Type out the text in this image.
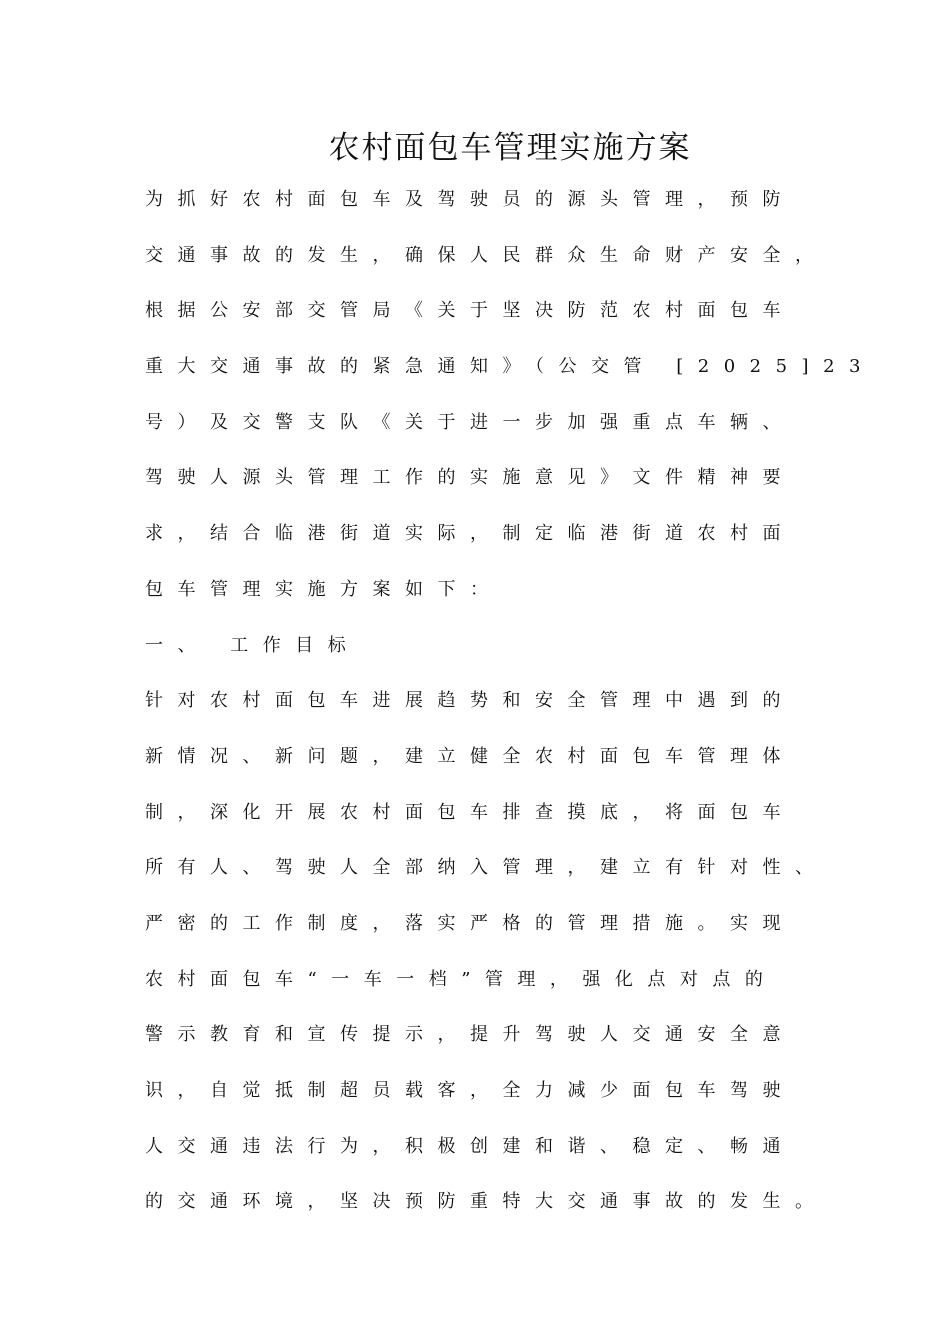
农村面包车管理实施方案
为抓好农村面包车及驾驶员的源头管理，预防
交通事故的发生，确保人民群众生命财产安全，
根据公安部交管局《关于坚决防范农村面包车
重大交通事故的紧急通知》（公交管 [2025]23
号）及交警支队《关于进一步加强重点车辆、
驾驶人源头管理工作的实施意见》文件精神要
求，结合临港街道实际，制定临港街道农村面
包车管理实施方案如下：
一、 工作目标
针对农村面包车进展趋势和安全管理中遇到的
新情况、新问题，建立健全农村面包车管理体
制，深化开展农村面包车排查摸底，将面包车
所有人、驾驶人全部纳入管理，建立有针对性、
严密的工作制度，落实严格的管理措施。实现
农村面包车“一车一档”管理，强化点对点的
警示教育和宣传提示，提升驾驶人交通安全意
识，自觉抵制超员载客，全力减少面包车驾驶
人交通违法行为，积极创建和谐、稳定、畅通
的交通环境，坚决预防重特大交通事故的发生。
